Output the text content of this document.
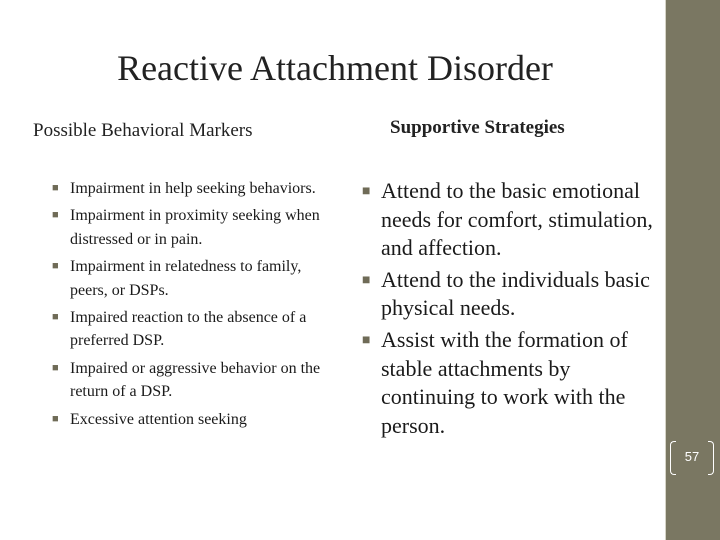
Reactive Attachment Disorder
Possible Behavioral Markers	Supportive Strategies
■ Impairment in help seeking behaviors.
■ Impairment in proximity seeking when distressed or in pain.
■ Impairment in relatedness to family, peers, or DSPs.
■ Impaired reaction to the absence of a preferred DSP.
■ Impaired or aggressive behavior on the return of a DSP.
■ Excessive attention seeking
■ Attend to the basic emotional needs for comfort, stimulation, and affection.
■ Attend to the individuals basic physical needs.
■ Assist with the formation of stable attachments by continuing to work with the person.
57
